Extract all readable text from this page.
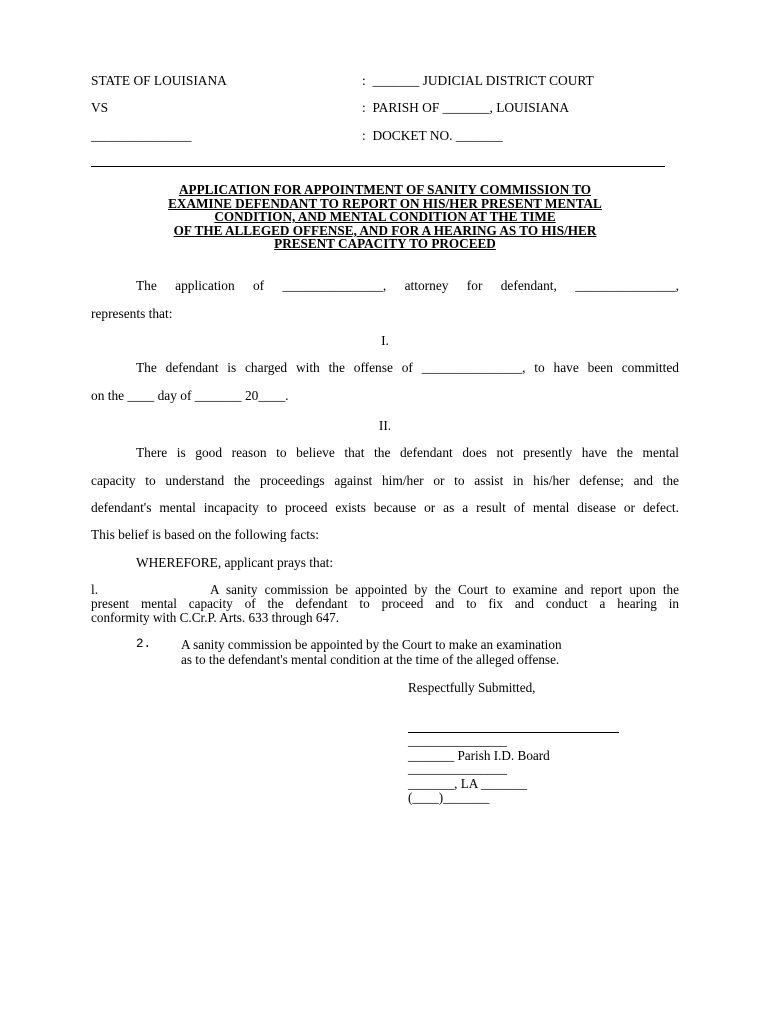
STATE OF LOUISIANA	: _______ JUDICIAL DISTRICT COURT
VS	: PARISH OF _______, LOUISIANA
_______________	: DOCKET NO. _______
APPLICATION FOR APPOINTMENT OF SANITY COMMISSION TO
EXAMINE DEFENDANT TO REPORT ON HIS/HER PRESENT MENTAL
CONDITION, AND MENTAL CONDITION AT THE TIME
OF THE ALLEGED OFFENSE, AND FOR A HEARING AS TO HIS/HER
PRESENT CAPACITY TO PROCEED
The application of _______________, attorney for defendant, _______________,
represents that:
I.
The defendant is charged with the offense of _______________, to have been committed
on the ____ day of _______ 20____.
II.
There is good reason to believe that the defendant does not presently have the mental
capacity to understand the proceedings against him/her or to assist in his/her defense; and the
defendant's mental incapacity to proceed exists because or as a result of mental disease or defect.
This belief is based on the following facts:
WHEREFORE, applicant prays that:
l.	A sanity commission be appointed by the Court to examine and report upon the
present mental capacity of the defendant to proceed and to fix and conduct a hearing in
conformity with C.Cr.P. Arts. 633 through 647.
2. A sanity commission be appointed by the Court to make an examination
as to the defendant's mental condition at the time of the alleged offense.
Respectfully Submitted,
_______________
_______ Parish I.D. Board
_______________
_______, LA _______
(____)_______
